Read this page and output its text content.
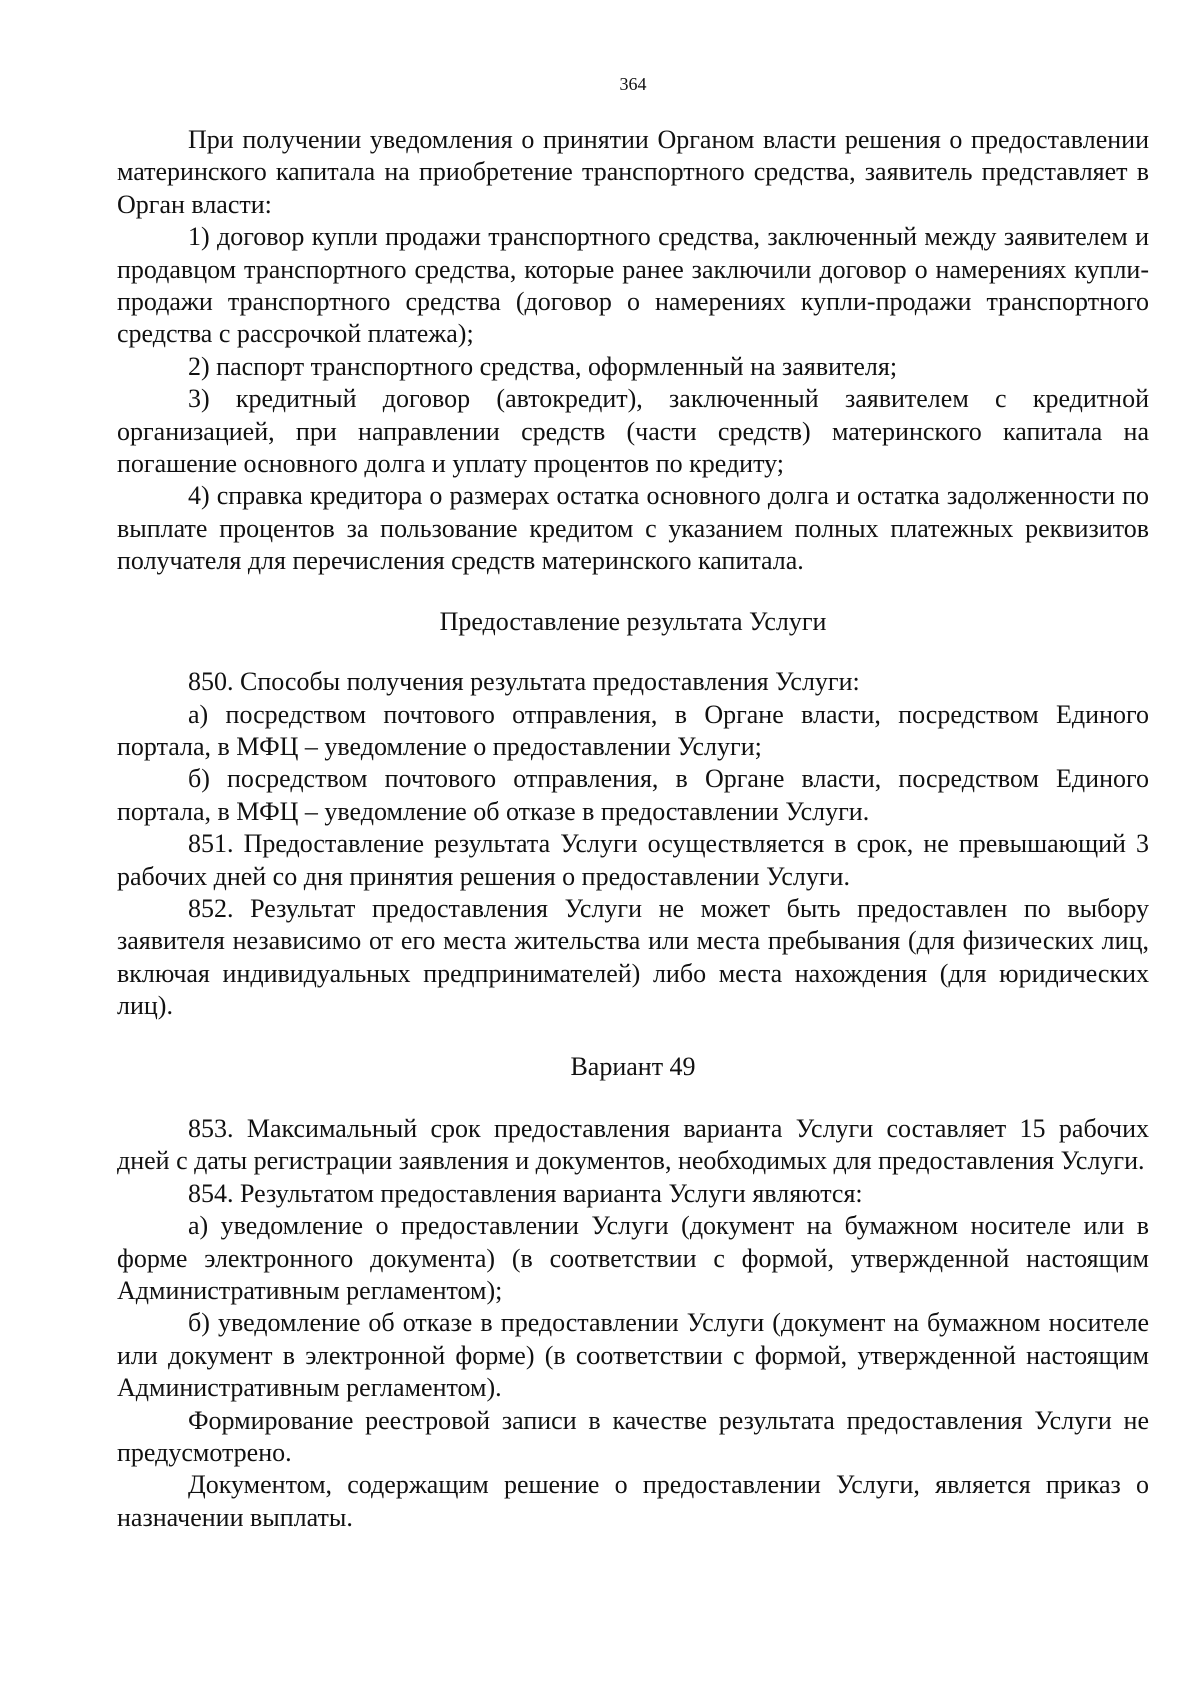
364

При получении уведомления о принятии Органом власти решения о предоставлении материнского капитала на приобретение транспортного средства, заявитель представляет в Орган власти:

1) договор купли продажи транспортного средства, заключенный между заявителем и продавцом транспортного средства, которые ранее заключили договор о намерениях купли-продажи транспортного средства (договор о намерениях купли-продажи транспортного средства с рассрочкой платежа);

2) паспорт транспортного средства, оформленный на заявителя;

3) кредитный договор (автокредит), заключенный заявителем с кредитной организацией, при направлении средств (части средств) материнского капитала на погашение основного долга и уплату процентов по кредиту;

4) справка кредитора о размерах остатка основного долга и остатка задолженности по выплате процентов за пользование кредитом с указанием полных платежных реквизитов получателя для перечисления средств материнского капитала.

Предоставление результата Услуги

850. Способы получения результата предоставления Услуги:

а) посредством почтового отправления, в Органе власти, посредством Единого портала, в МФЦ – уведомление о предоставлении Услуги;

б) посредством почтового отправления, в Органе власти, посредством Единого портала, в МФЦ – уведомление об отказе в предоставлении Услуги.

851. Предоставление результата Услуги осуществляется в срок, не превышающий 3 рабочих дней со дня принятия решения о предоставлении Услуги.

852. Результат предоставления Услуги не может быть предоставлен по выбору заявителя независимо от его места жительства или места пребывания (для физических лиц, включая индивидуальных предпринимателей) либо места нахождения (для юридических лиц).

Вариант 49

853. Максимальный срок предоставления варианта Услуги составляет 15 рабочих дней с даты регистрации заявления и документов, необходимых для предоставления Услуги.

854. Результатом предоставления варианта Услуги являются:

а) уведомление о предоставлении Услуги (документ на бумажном носителе или в форме электронного документа) (в соответствии с формой, утвержденной настоящим Административным регламентом);

б) уведомление об отказе в предоставлении Услуги (документ на бумажном носителе или документ в электронной форме) (в соответствии с формой, утвержденной настоящим Административным регламентом).

Формирование реестровой записи в качестве результата предоставления Услуги не предусмотрено.

Документом, содержащим решение о предоставлении Услуги, является приказ о назначении выплаты.
